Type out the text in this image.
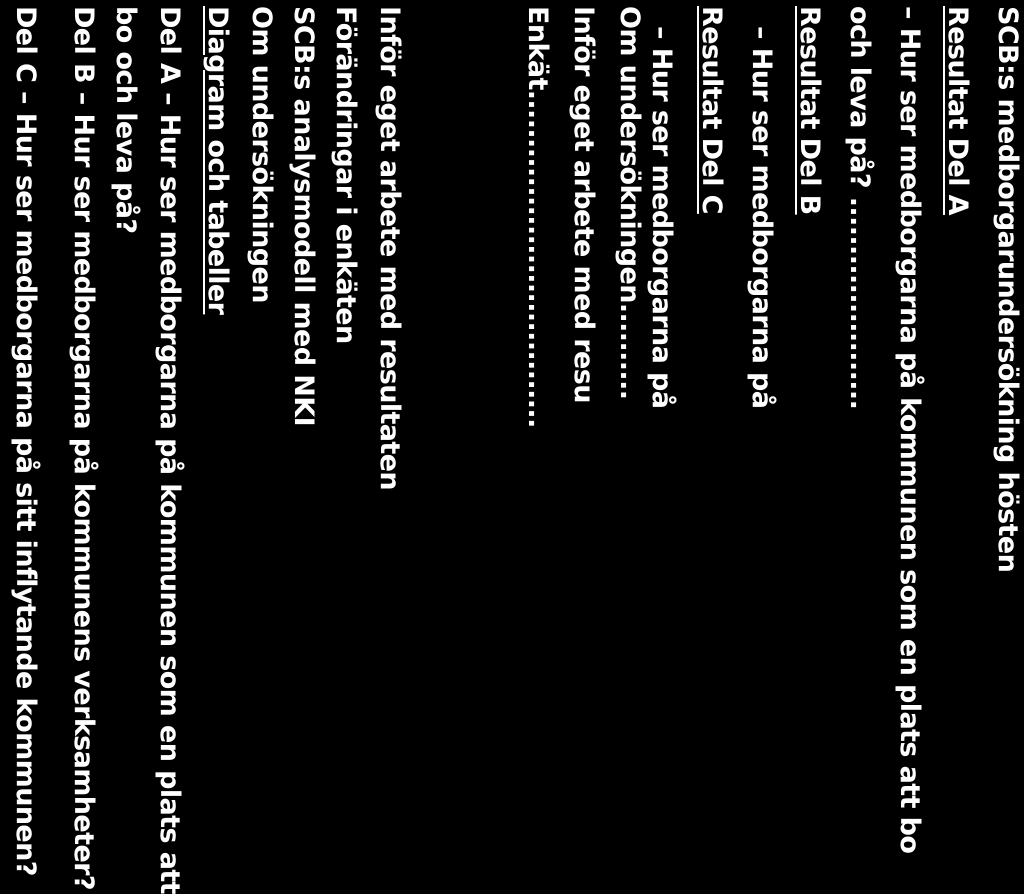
SCB:s medborgarundersökning hösten
Resultat Del A
– Hur ser medborgarna på kommunen som en plats att bo
och leva på? ......................
Resultat Del B
– Hur ser medborgarna på
Resultat Del C
– Hur ser medborgarna på
Om undersökningen..........
Inför eget arbete med resu
Enkät...................................
Inför eget arbete med resultaten
Förändringar i enkäten
SCB:s analysmodell med NKI
Om undersökningen
Diagram och tabeller
Del A – Hur ser medborgarna på kommunen som en plats att
bo och leva på?
Del B – Hur ser medborgarna på kommunens verksamheter?
Del C – Hur ser medborgarna på sitt inflytande kommunen?
